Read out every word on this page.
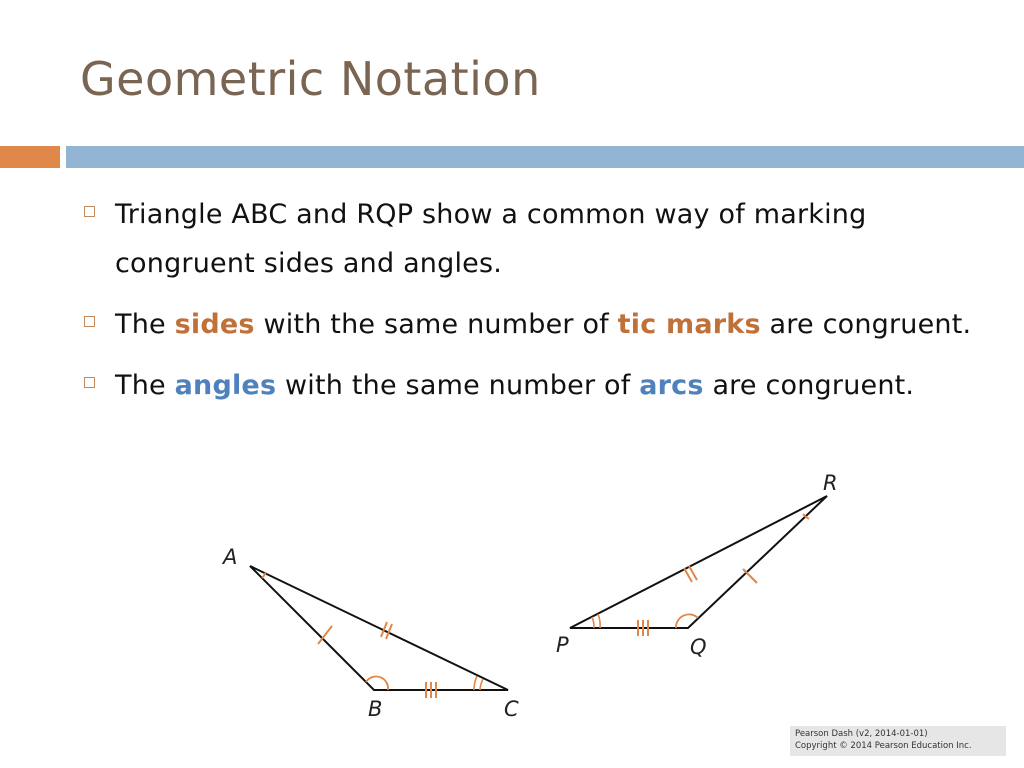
Geometric Notation
Triangle ABC and RQP show a common way of marking congruent sides and angles.
The sides with the same number of tic marks are congruent.
The angles with the same number of arcs are congruent.
A
B	C
R
Q
P
Pearson Dash (v2, 2014-01-01)
Copyright © 2014 Pearson Education Inc.
